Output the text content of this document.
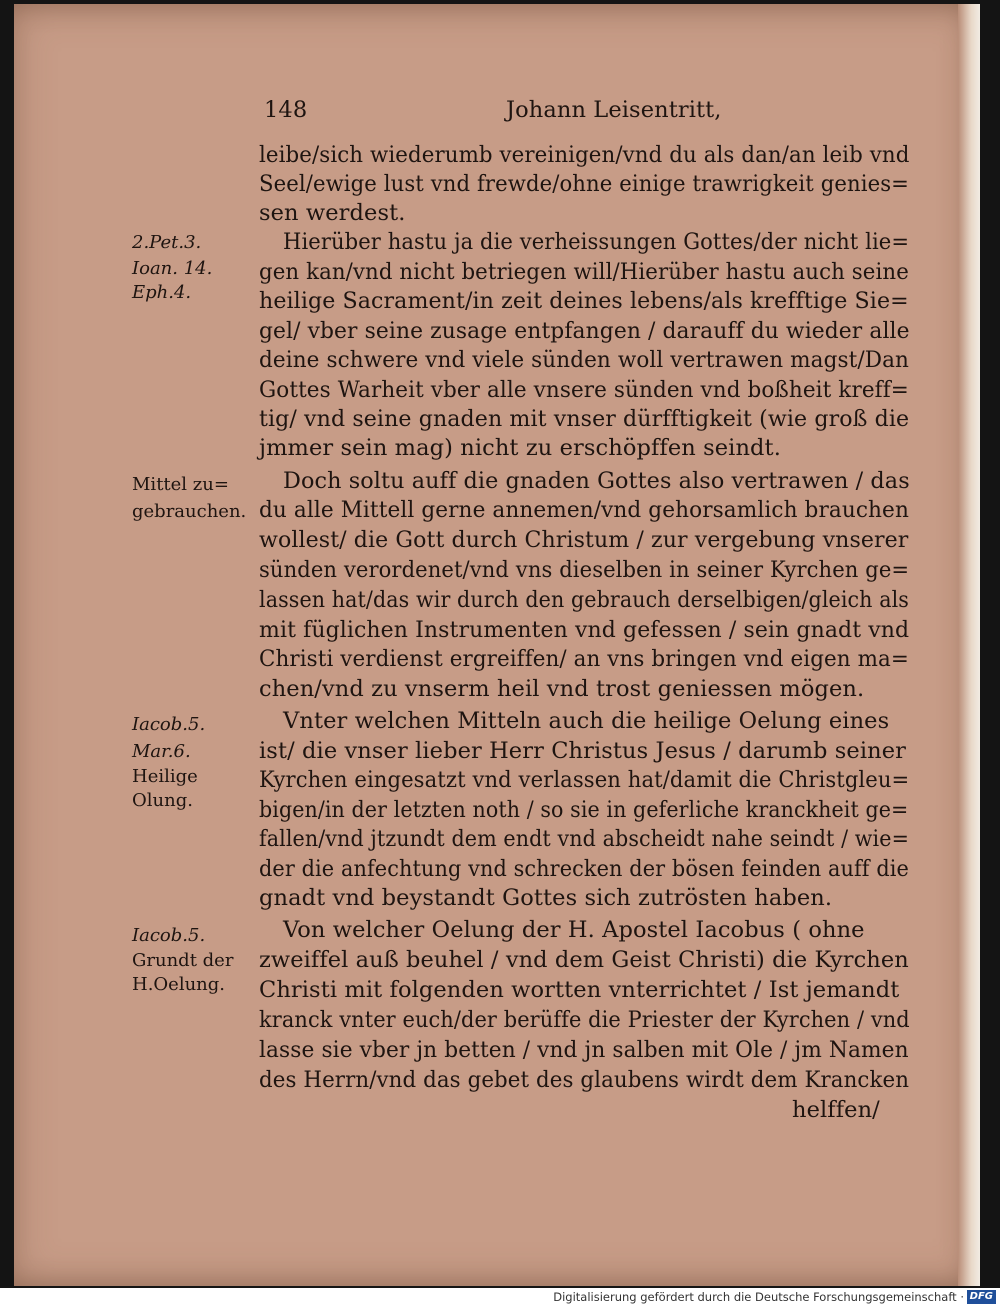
148	Johann Leisentritt,
leibe/sich wiederumb vereinigen/vnd du als dan/an leib vnd
Seel/ewige lust vnd frewde/ohne einige trawrigkeit genies=
sen werdest.
Hierüber hastu ja die verheissungen Gottes/der nicht lie=
gen kan/vnd nicht betriegen will/Hierüber hastu auch seine
heilige Sacrament/in zeit deines lebens/als krefftige Sie=
gel/ vber seine zusage entpfangen / darauff du wieder alle
deine schwere vnd viele sünden woll vertrawen magst/Dan
Gottes Warheit vber alle vnsere sünden vnd boßheit kreff=
tig/ vnd seine gnaden mit vnser dürfftigkeit (wie groß die
jmmer sein mag) nicht zu erschöpffen seindt.
Doch soltu auff die gnaden Gottes also vertrawen / das
du alle Mittell gerne annemen/vnd gehorsamlich brauchen
wollest/ die Gott durch Christum / zur vergebung vnserer
sünden verordenet/vnd vns dieselben in seiner Kyrchen ge=
lassen hat/das wir durch den gebrauch derselbigen/gleich als
mit füglichen Instrumenten vnd gefessen / sein gnadt vnd
Christi verdienst ergreiffen/ an vns bringen vnd eigen ma=
chen/vnd zu vnserm heil vnd trost geniessen mögen.
Vnter welchen Mitteln auch die heilige Oelung eines
ist/ die vnser lieber Herr Christus Jesus / darumb seiner
Kyrchen eingesatzt vnd verlassen hat/damit die Christgleu=
bigen/in der letzten noth / so sie in geferliche kranckheit ge=
fallen/vnd jtzundt dem endt vnd abscheidt nahe seindt / wie=
der die anfechtung vnd schrecken der bösen feinden auff die
gnadt vnd beystandt Gottes sich zutrösten haben.
Von welcher Oelung der H. Apostel Iacobus ( ohne
zweiffel auß beuhel / vnd dem Geist Christi) die Kyrchen
Christi mit folgenden wortten vnterrichtet / Ist jemandt
kranck vnter euch/der berüffe die Priester der Kyrchen / vnd
lasse sie vber jn betten / vnd jn salben mit Ole / jm Namen
des Herrn/vnd das gebet des glaubens wirdt dem Krancken
helffen/
2.Pet.3.
Ioan. 14.
Eph.4.
Mittel zu=
gebrauchen.
Iacob.5.
Mar.6.
Heilige
Olung.
Iacob.5.
Grundt der
H.Oelung.
Digitalisierung gefördert durch die Deutsche Forschungsgemeinschaft · DFG
